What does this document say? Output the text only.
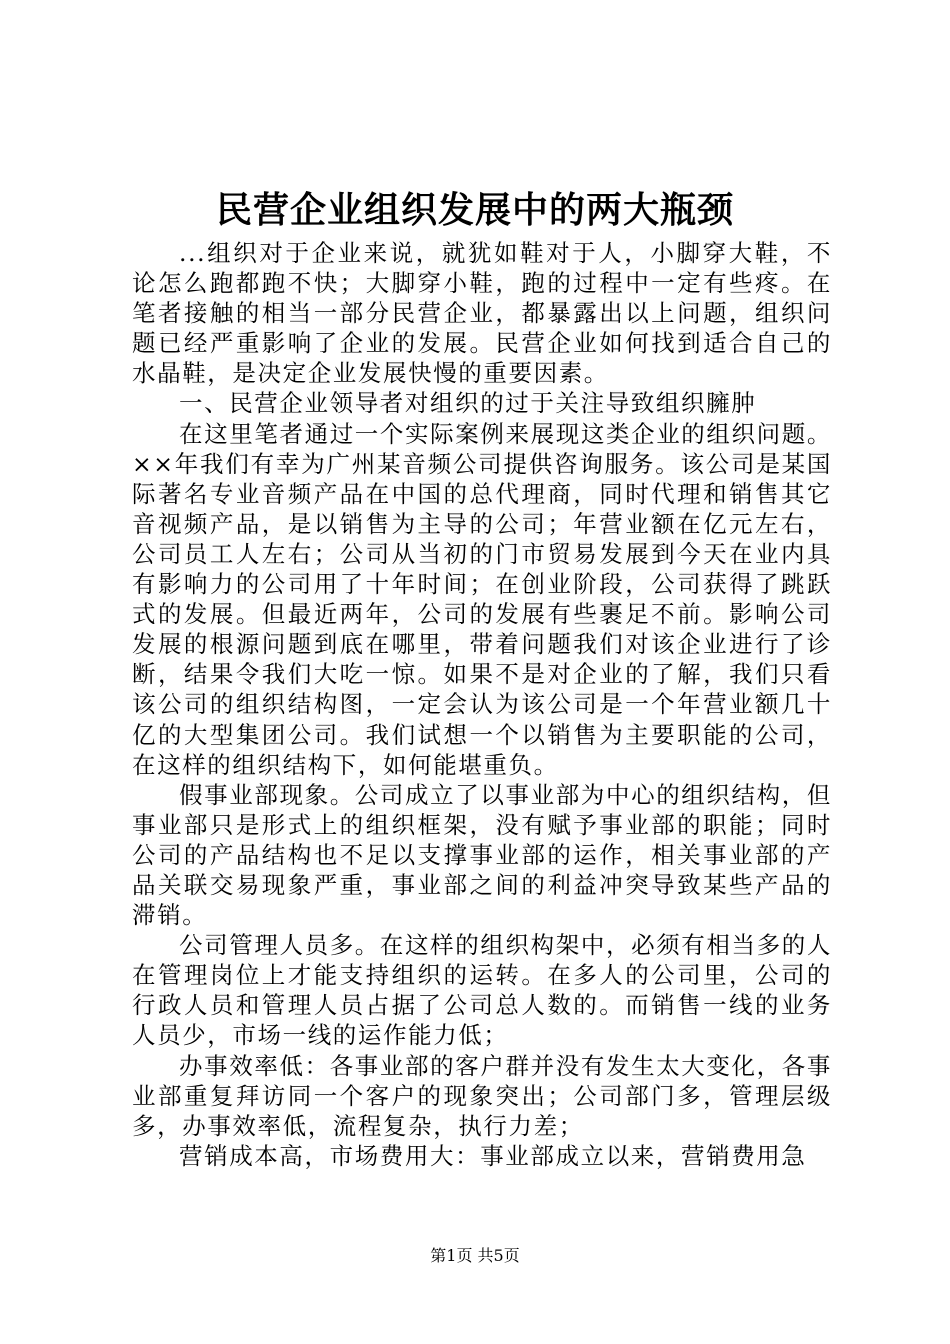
民营企业组织发展中的两大瓶颈

...组织对于企业来说，就犹如鞋对于人，小脚穿大鞋，不论怎么跑都跑不快；大脚穿小鞋，跑的过程中一定有些疼。在笔者接触的相当一部分民营企业，都暴露出以上问题，组织问题已经严重影响了企业的发展。民营企业如何找到适合自己的水晶鞋，是决定企业发展快慢的重要因素。

一、民营企业领导者对组织的过于关注导致组织臃肿

在这里笔者通过一个实际案例来展现这类企业的组织问题。××年我们有幸为广州某音频公司提供咨询服务。该公司是某国际著名专业音频产品在中国的总代理商，同时代理和销售其它音视频产品，是以销售为主导的公司；年营业额在亿元左右，公司员工人左右；公司从当初的门市贸易发展到今天在业内具有影响力的公司用了十年时间；在创业阶段，公司获得了跳跃式的发展。但最近两年，公司的发展有些裹足不前。影响公司发展的根源问题到底在哪里，带着问题我们对该企业进行了诊断，结果令我们大吃一惊。如果不是对企业的了解，我们只看该公司的组织结构图，一定会认为该公司是一个年营业额几十亿的大型集团公司。我们试想一个以销售为主要职能的公司，在这样的组织结构下，如何能堪重负。

假事业部现象。公司成立了以事业部为中心的组织结构，但事业部只是形式上的组织框架，没有赋予事业部的职能；同时公司的产品结构也不足以支撑事业部的运作，相关事业部的产品关联交易现象严重，事业部之间的利益冲突导致某些产品的滞销。

公司管理人员多。在这样的组织构架中，必须有相当多的人在管理岗位上才能支持组织的运转。在多人的公司里，公司的行政人员和管理人员占据了公司总人数的。而销售一线的业务人员少，市场一线的运作能力低；

办事效率低：各事业部的客户群并没有发生太大变化，各事业部重复拜访同一个客户的现象突出；公司部门多，管理层级多，办事效率低，流程复杂，执行力差；

营销成本高，市场费用大：事业部成立以来，营销费用急

第1页 共5页
